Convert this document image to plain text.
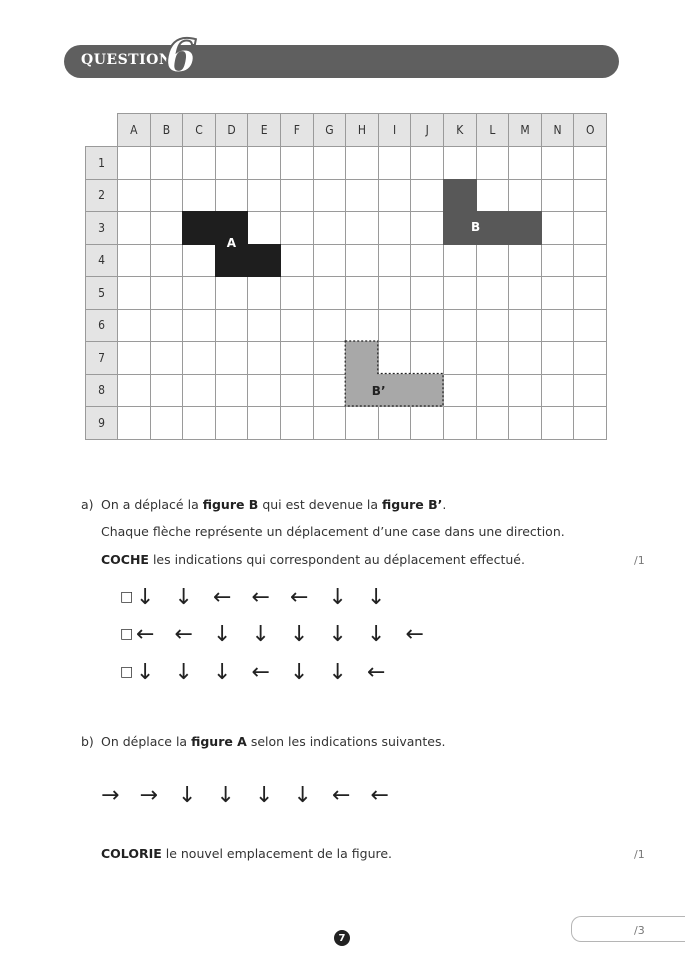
QUESTION
6
A	B	C	D	E	F	G	H	I	J	K	L	M	N	O
1
2
3
4
5
6
7
8
9
A
B
B’
a) On a déplacé la figure B qui est devenue la figure B’.
Chaque flèche représente un déplacement d’une case dans une direction.
COCHE les indications qui correspondent au déplacement effectué.	/1
□ ↓ ↓ ← ← ← ↓ ↓
□ ← ← ↓ ↓ ↓ ↓ ↓ ←
□ ↓ ↓ ↓ ← ↓ ↓ ←
b) On déplace la figure A selon les indications suivantes.
→ → ↓ ↓ ↓ ↓ ← ←
COLORIE le nouvel emplacement de la figure.	/1
/3
7
